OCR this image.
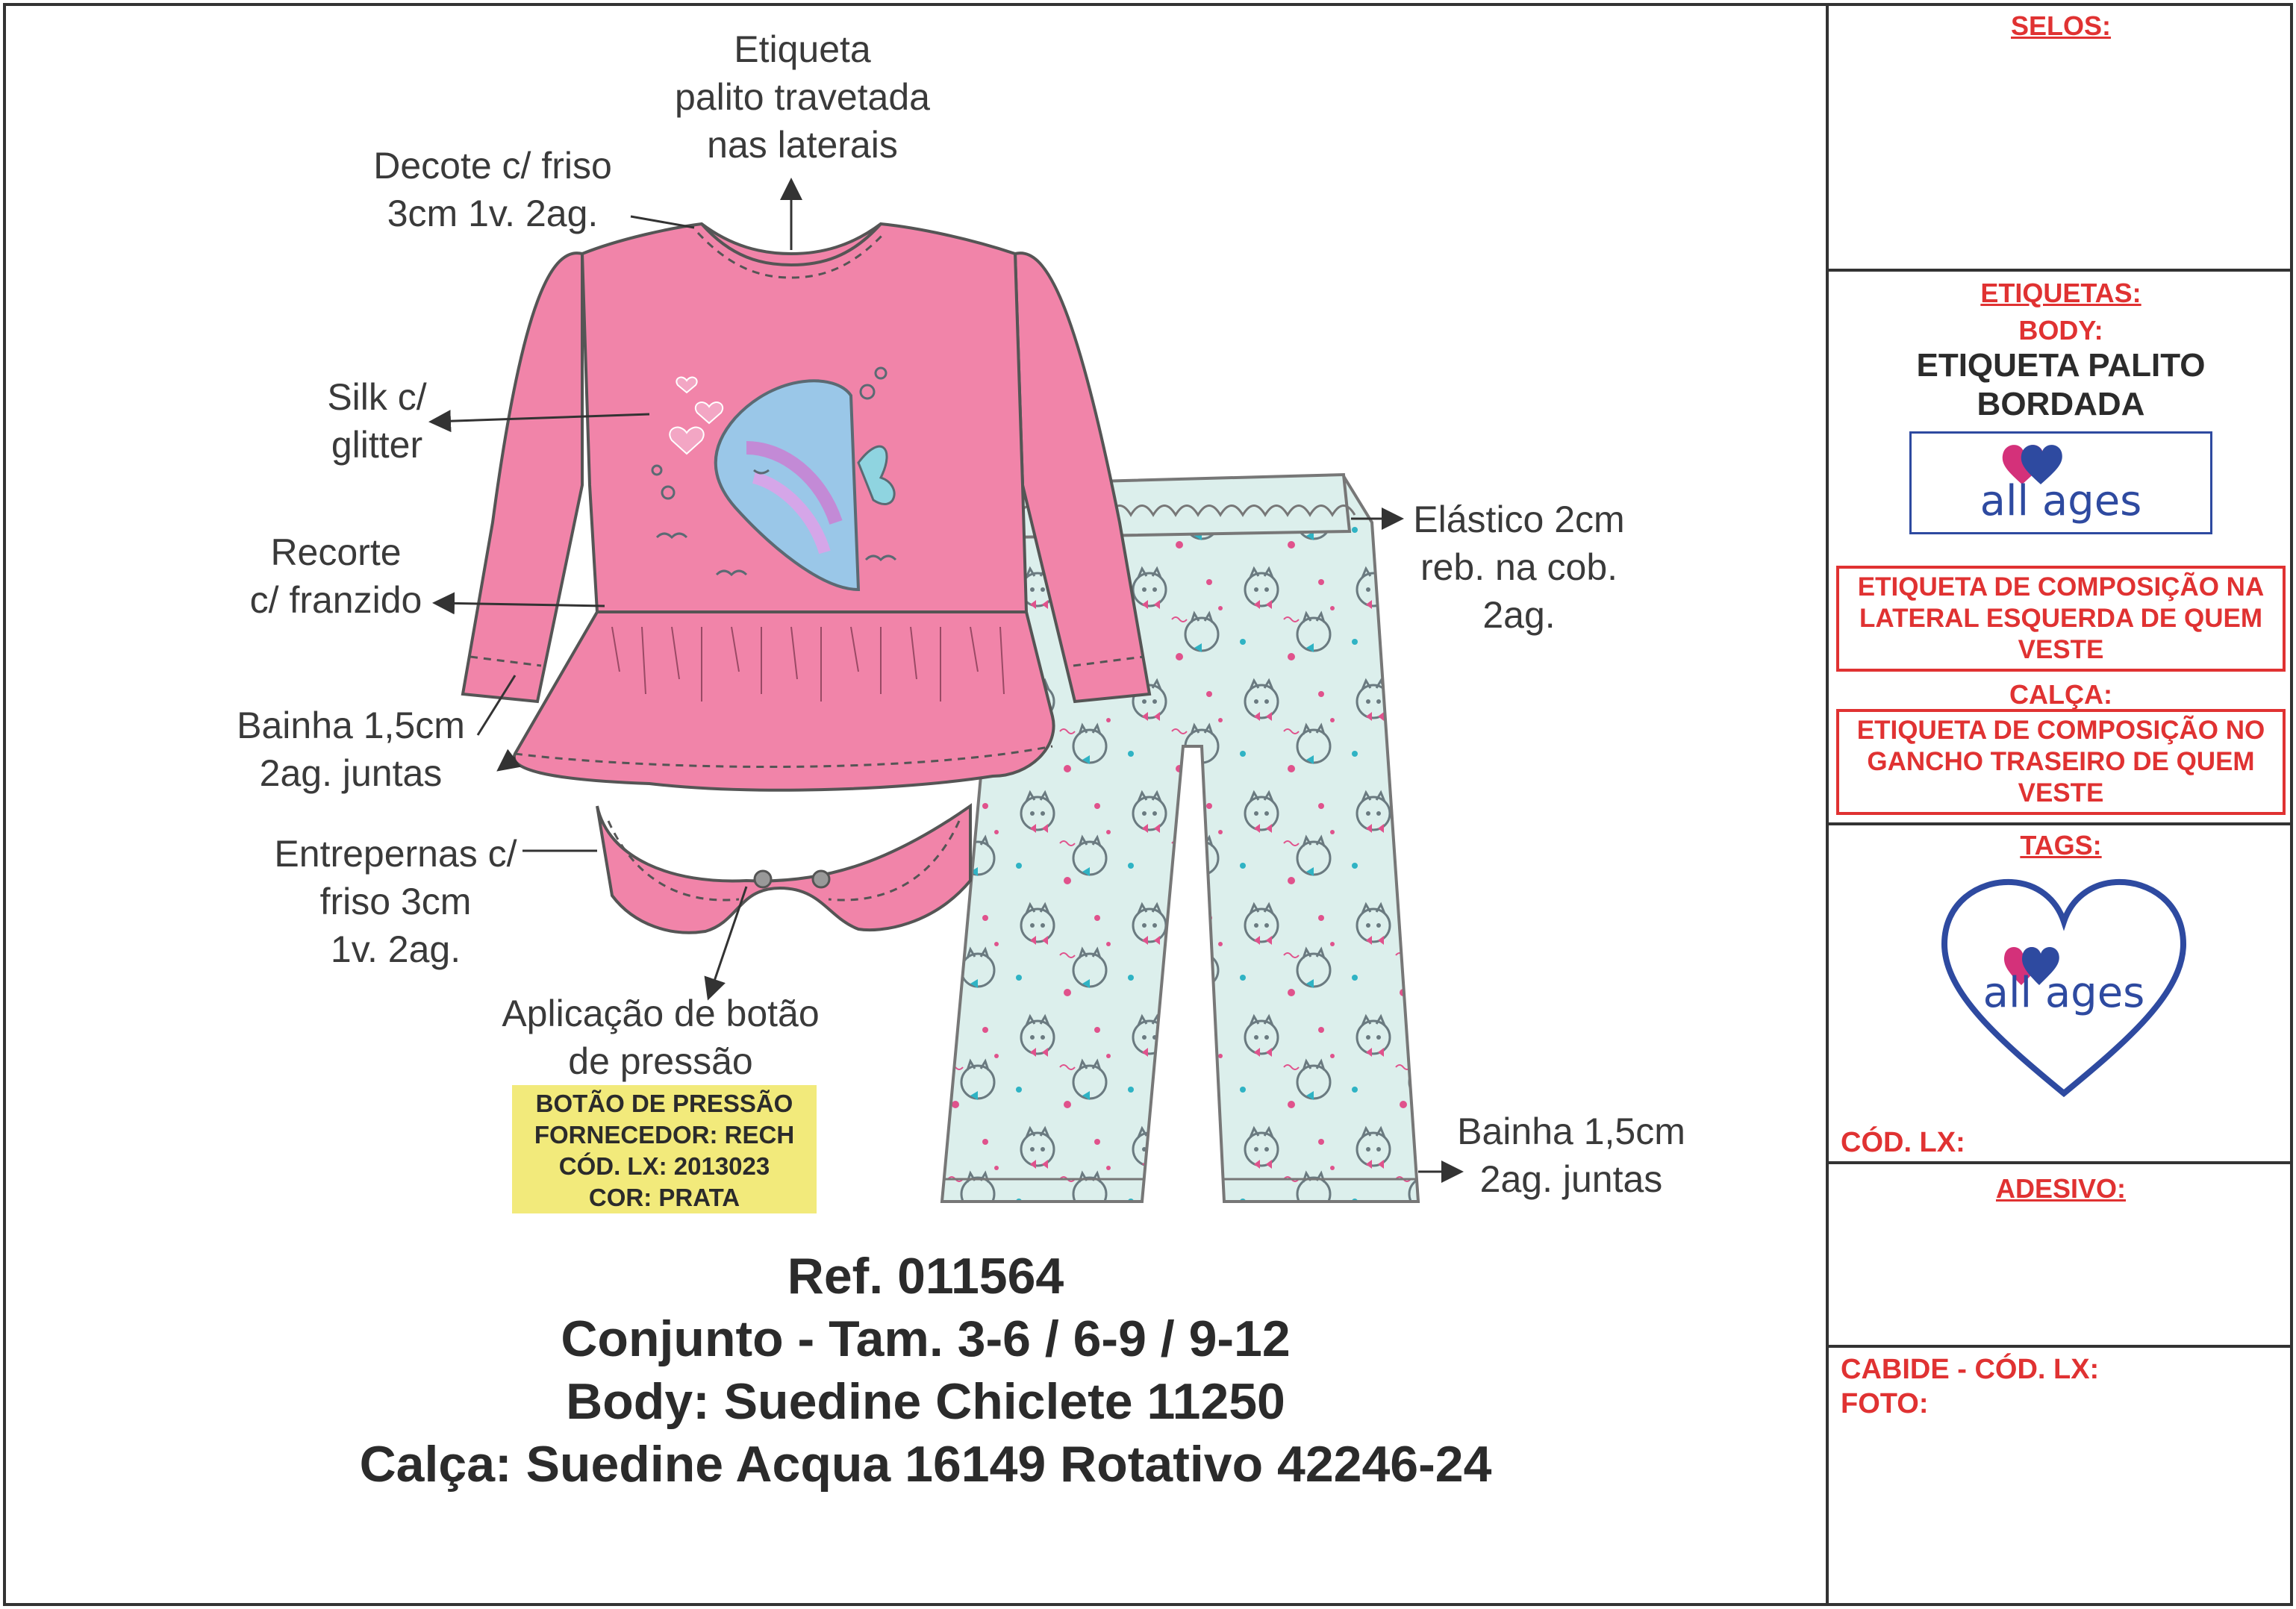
Etiqueta
palito travetada
nas laterais
Decote c/ friso
3cm 1v. 2ag.
Silk c/
glitter
Recorte
c/ franzido
Bainha 1,5cm
2ag. juntas
Entrepernas c/
friso 3cm
1v. 2ag.
Aplicação de botão
de pressão
Elástico 2cm
reb. na cob.
2ag.
Bainha 1,5cm
2ag. juntas
BOTÃO DE PRESSÃO
FORNECEDOR: RECH
CÓD. LX: 2013023
COR: PRATA
Ref. 011564
Conjunto - Tam. 3-6 / 6-9 / 9-12
Body: Suedine Chiclete 11250
Calça: Suedine Acqua 16149 Rotativo 42246-24
SELOS:
ETIQUETAS:
BODY:
ETIQUETA PALITO
BORDADA
all ages
ETIQUETA DE COMPOSIÇÃO NA
LATERAL ESQUERDA DE QUEM
VESTE
CALÇA:
ETIQUETA DE COMPOSIÇÃO NO
GANCHO TRASEIRO DE QUEM
VESTE
TAGS:
all ages
CÓD. LX:
ADESIVO:
CABIDE - CÓD. LX:
FOTO:
